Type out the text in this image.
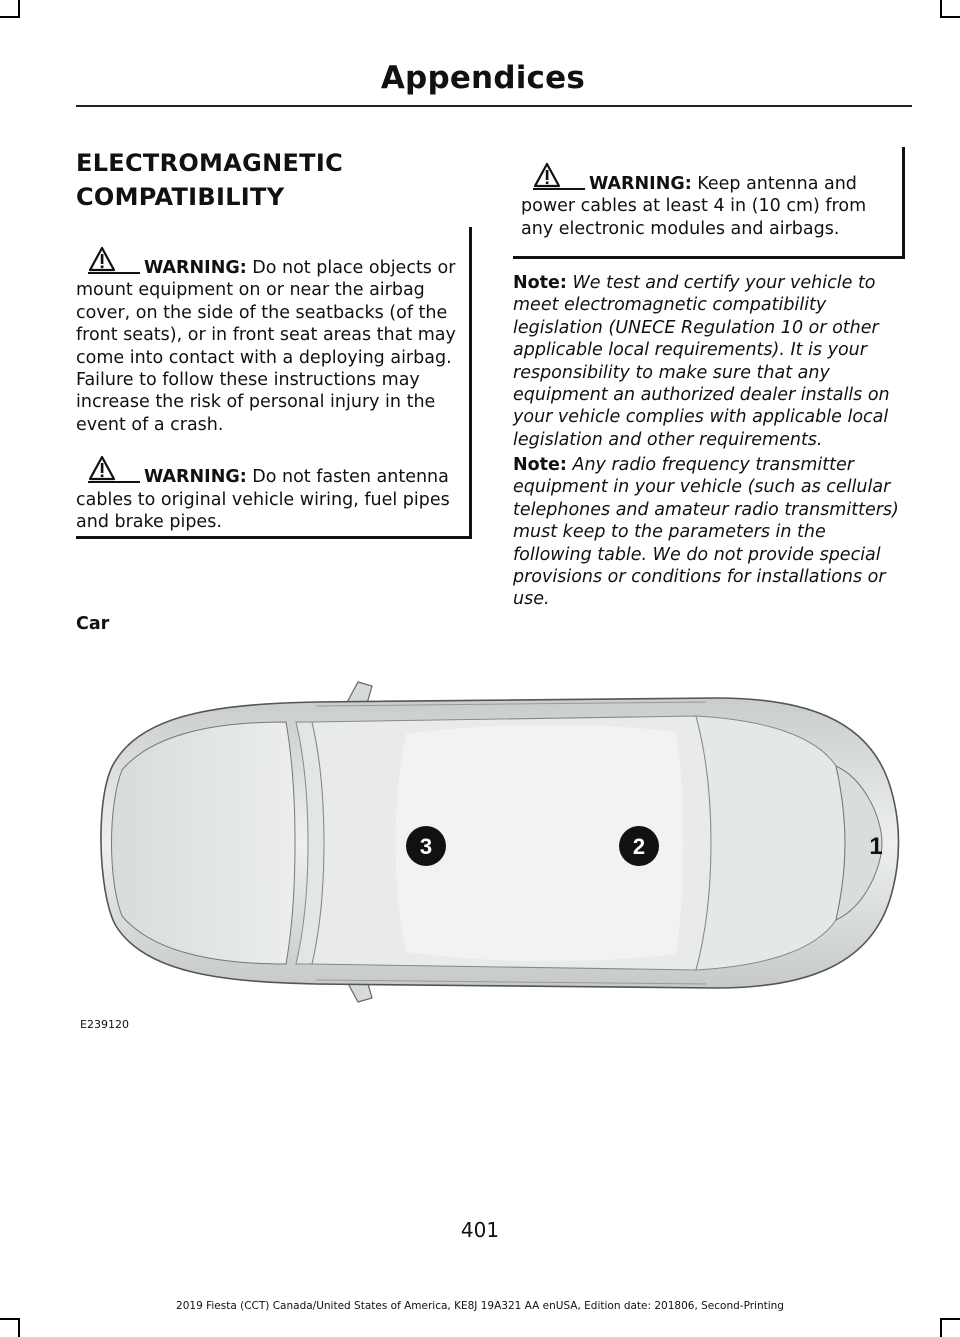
Appendices
ELECTROMAGNETIC
COMPATIBILITY
WARNING: Do not place objects or mount equipment on or near the airbag cover, on the side of the seatbacks (of the front seats), or in front seat areas that may come into contact with a deploying airbag. Failure to follow these instructions may increase the risk of personal injury in the event of a crash.
WARNING: Do not fasten antenna cables to original vehicle wiring, fuel pipes and brake pipes.
WARNING: Keep antenna and power cables at least 4 in (10 cm) from any electronic modules and airbags.
Note: We test and certify your vehicle to meet electromagnetic compatibility legislation (UNECE Regulation 10 or other applicable local requirements). It is your responsibility to make sure that any equipment an authorized dealer installs on your vehicle complies with applicable local legislation and other requirements.
Note: Any radio frequency transmitter equipment in your vehicle (such as cellular telephones and amateur radio transmitters) must keep to the parameters in the following table. We do not provide special provisions or conditions for installations or use.
Car
3	2	1
E239120
401
2019 Fiesta (CCT) Canada/United States of America, KE8J 19A321 AA enUSA, Edition date: 201806, Second-Printing
